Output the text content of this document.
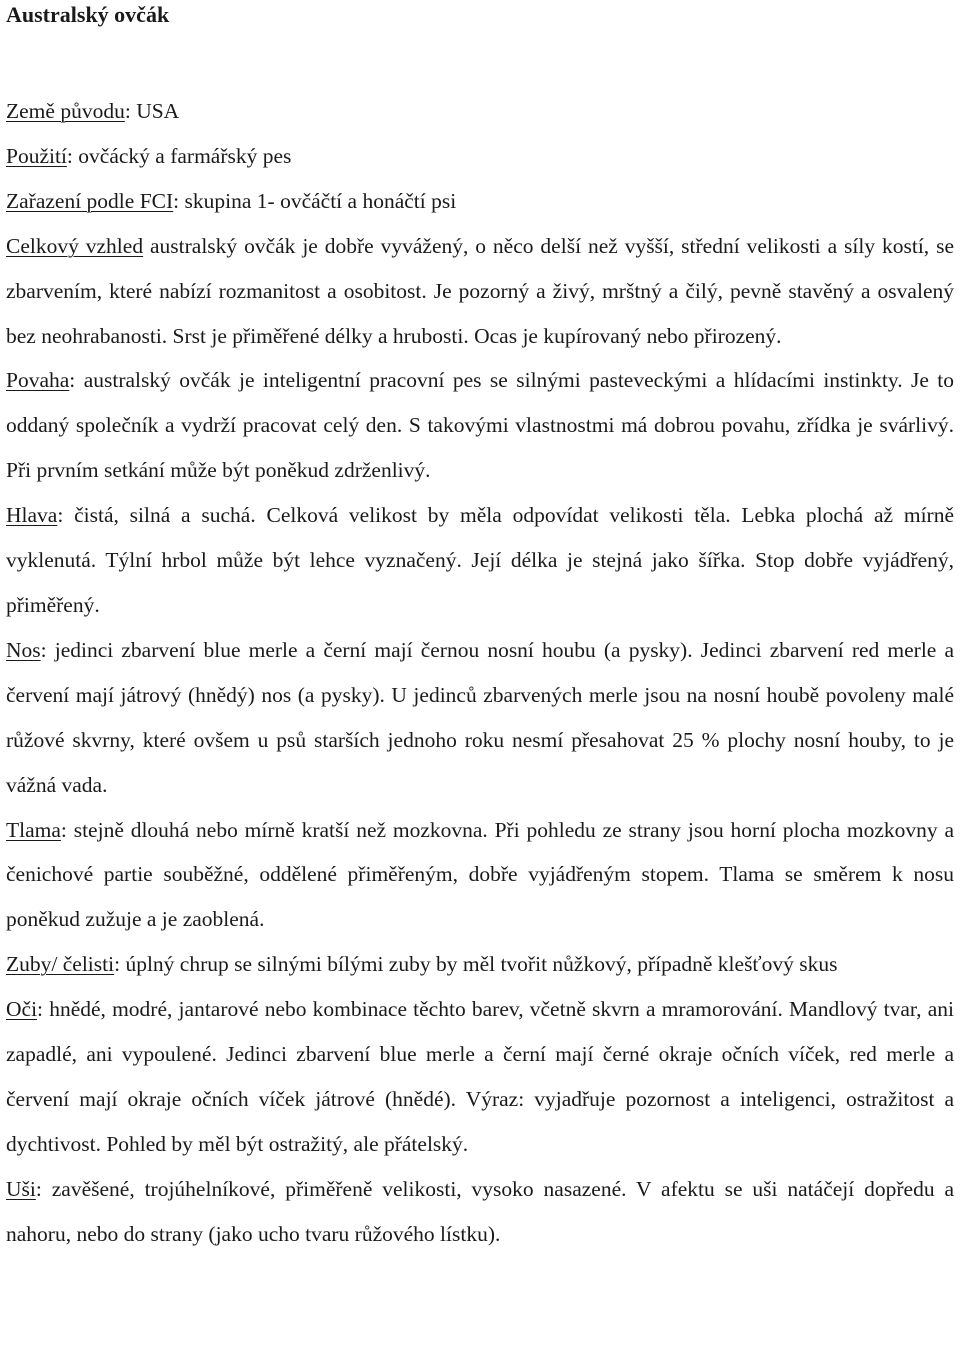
Australský ovčák

Země původu: USA

Použití: ovčácký a farmářský pes

Zařazení podle FCI: skupina 1- ovčáčtí a honáčtí psi

Celkový vzhled australský ovčák je dobře vyvážený, o něco delší než vyšší, střední velikosti a síly kostí, se zbarvením, které nabízí rozmanitost a osobitost. Je pozorný a živý, mrštný a čilý, pevně stavěný a osvalený bez neohrabanosti. Srst je přiměřené délky a hrubosti. Ocas je kupírovaný nebo přirozený.

Povaha: australský ovčák je inteligentní pracovní pes se silnými pasteveckými a hlídacími instinkty. Je to oddaný společník a vydrží pracovat celý den. S takovými vlastnostmi má dobrou povahu, zřídka je svárlivý. Při prvním setkání může být poněkud zdrženlivý.

Hlava: čistá, silná a suchá. Celková velikost by měla odpovídat velikosti těla. Lebka plochá až mírně vyklenutá. Týlní hrbol může být lehce vyznačený. Její délka je stejná jako šířka. Stop dobře vyjádřený, přiměřený.

Nos: jedinci zbarvení blue merle a černí mají černou nosní houbu (a pysky). Jedinci zbarvení red merle a červení mají játrový (hnědý) nos (a pysky). U jedinců zbarvených merle jsou na nosní houbě povoleny malé růžové skvrny, které ovšem u psů starších jednoho roku nesmí přesahovat 25 % plochy nosní houby, to je vážná vada.

Tlama: stejně dlouhá nebo mírně kratší než mozkovna. Při pohledu ze strany jsou horní plocha mozkovny a čenichové partie souběžné, oddělené přiměřeným, dobře vyjádřeným stopem. Tlama se směrem k nosu poněkud zužuje a je zaoblená.

Zuby/ čelisti: úplný chrup se silnými bílými zuby by měl tvořit nůžkový, případně klešťový skus

Oči: hnědé, modré, jantarové nebo kombinace těchto barev, včetně skvrn a mramorování. Mandlový tvar, ani zapadlé, ani vypoulené. Jedinci zbarvení blue merle a černí mají černé okraje očních víček, red merle a červení mají okraje očních víček játrové (hnědé). Výraz: vyjadřuje pozornost a inteligenci, ostražitost a dychtivost. Pohled by měl být ostražitý, ale přátelský.

Uši: zavěšené, trojúhelníkové, přiměřeně velikosti, vysoko nasazené. V afektu se uši natáčejí dopředu a nahoru, nebo do strany (jako ucho tvaru růžového lístku).
